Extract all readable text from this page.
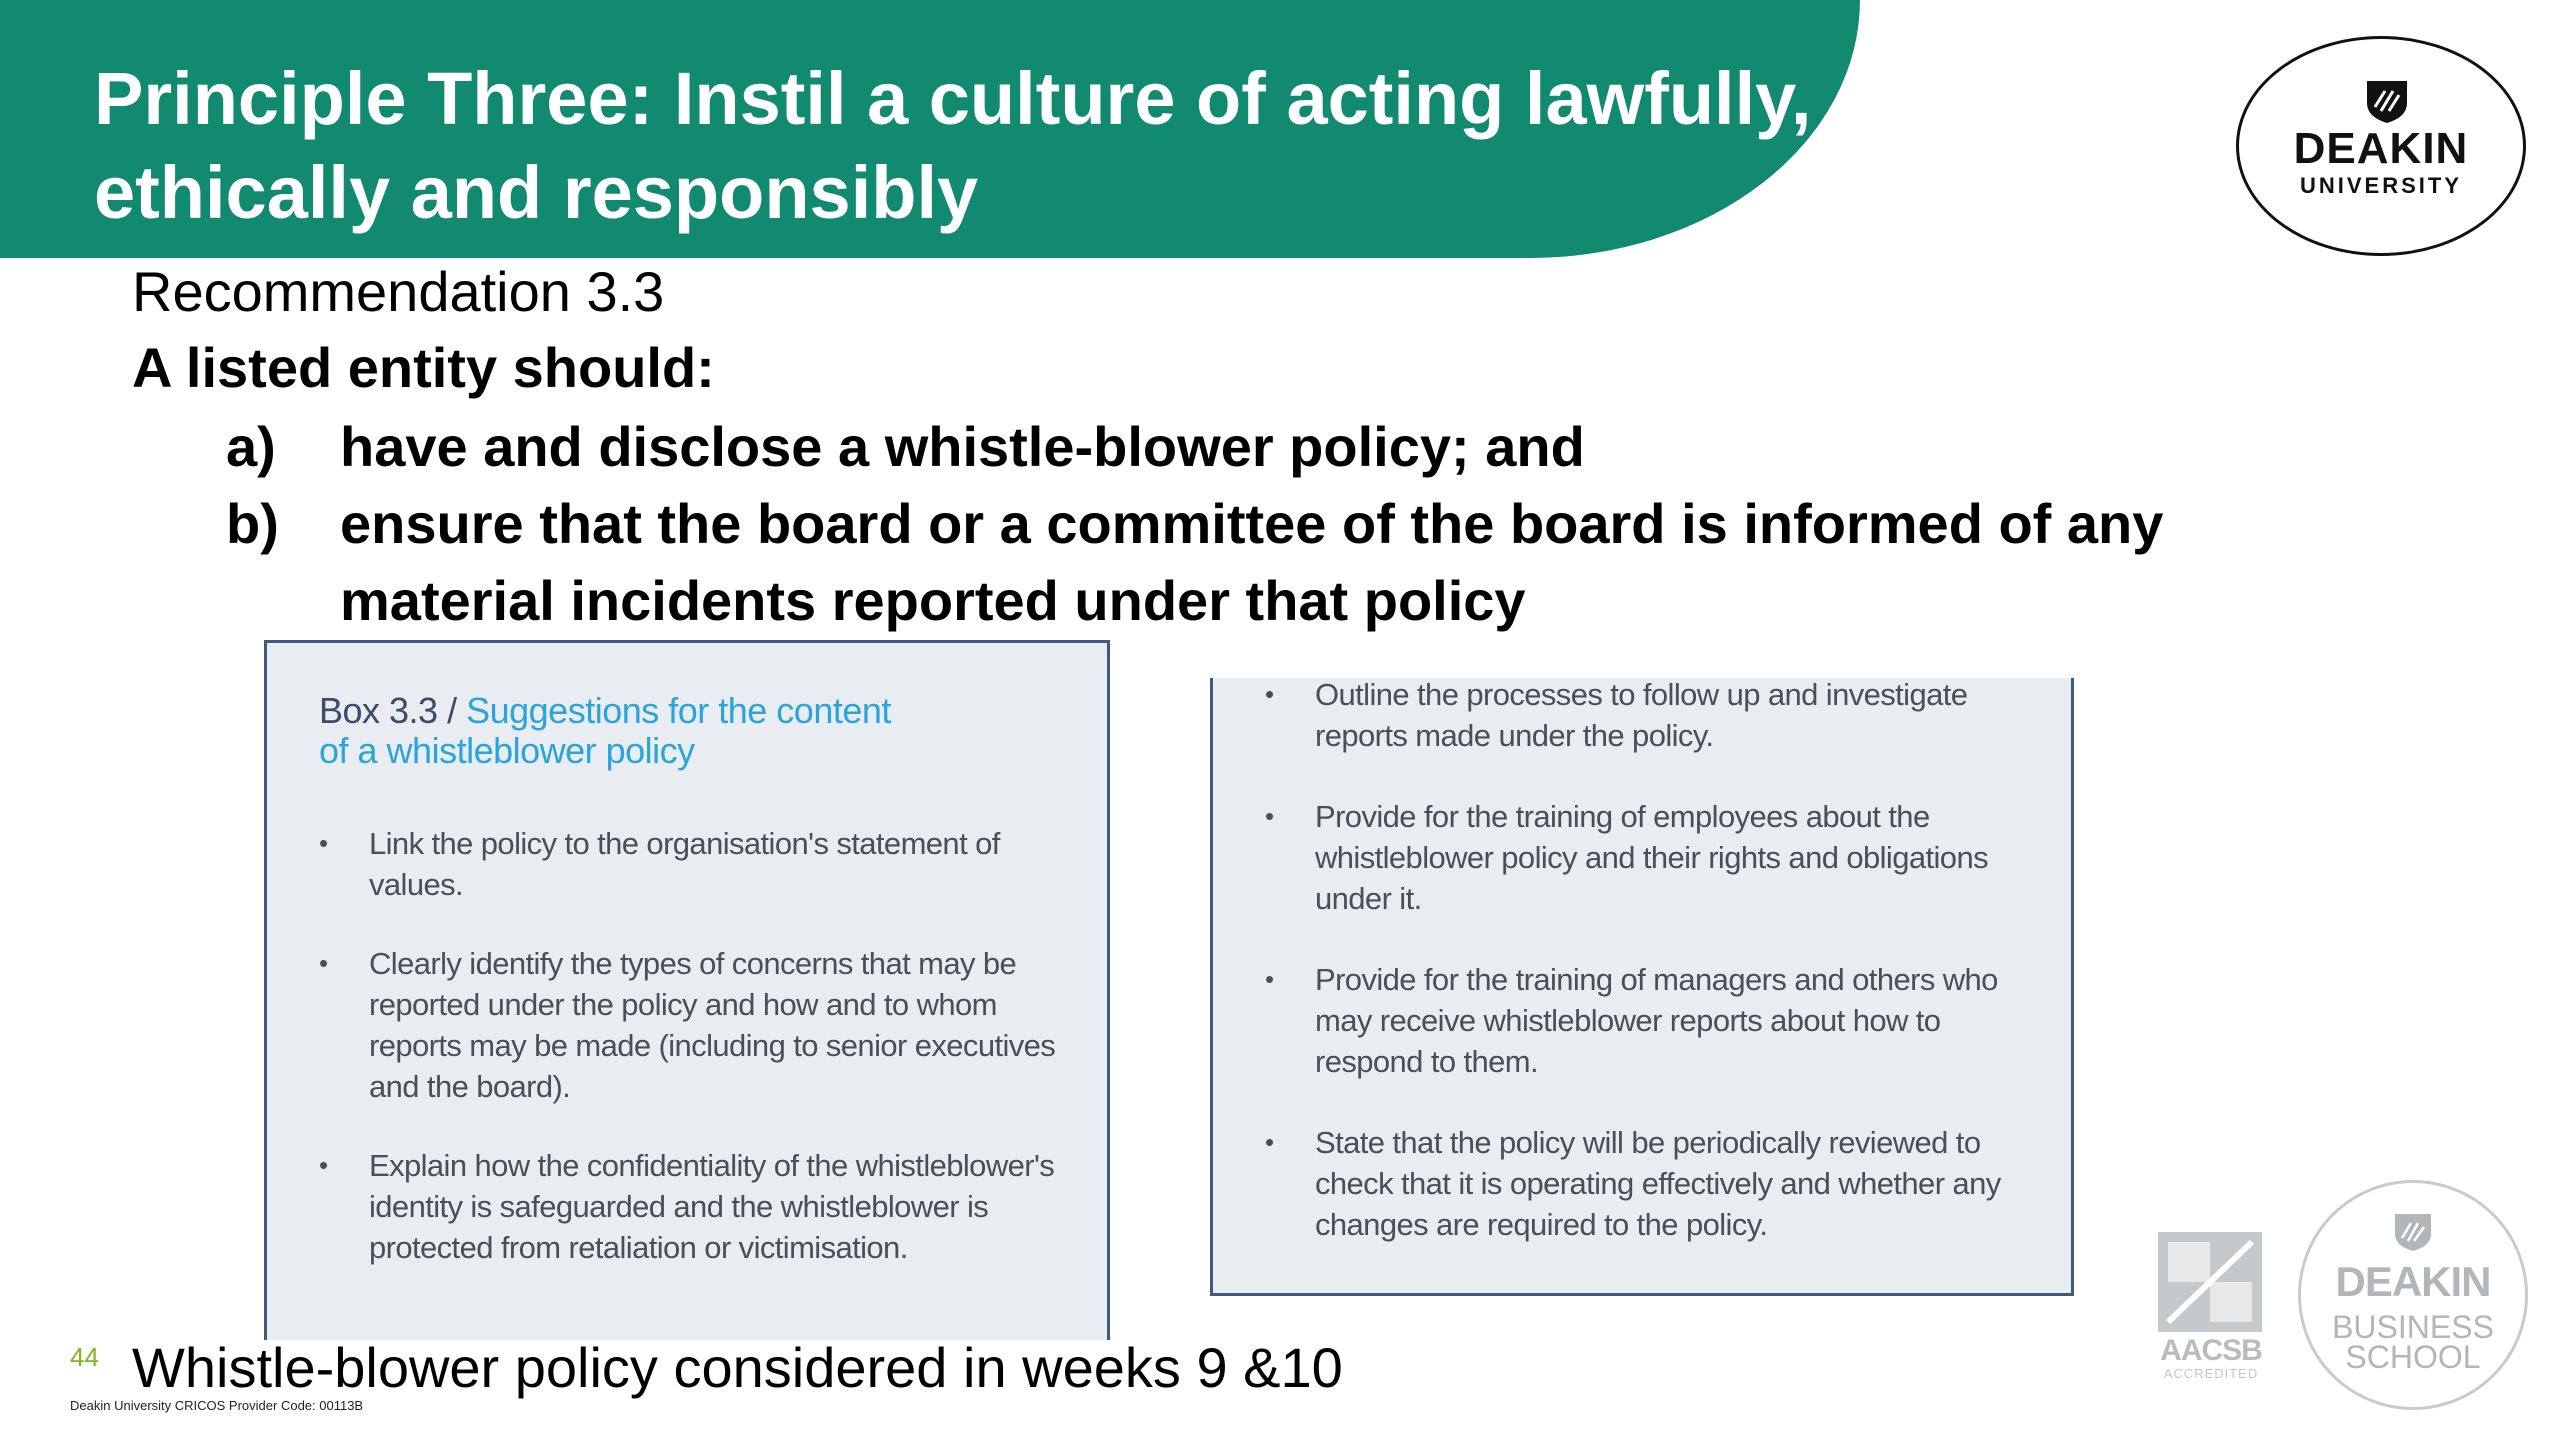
Principle Three: Instil a culture of acting lawfully,
ethically and responsibly
DEAKIN
UNIVERSITY
Recommendation 3.3
A listed entity should:
a)	have and disclose a whistle-blower policy; and
b)	ensure that the board or a committee of the board is informed of any material incidents reported under that policy
Box 3.3 / Suggestions for the content
of a whistleblower policy
•	Link the policy to the organisation's statement of values.
•	Clearly identify the types of concerns that may be reported under the policy and how and to whom reports may be made (including to senior executives and the board).
•	Explain how the confidentiality of the whistleblower's identity is safeguarded and the whistleblower is protected from retaliation or victimisation.
•	Outline the processes to follow up and investigate reports made under the policy.
•	Provide for the training of employees about the whistleblower policy and their rights and obligations under it.
•	Provide for the training of managers and others who may receive whistleblower reports about how to respond to them.
•	State that the policy will be periodically reviewed to check that it is operating effectively and whether any changes are required to the policy.
44 Whistle-blower policy considered in weeks 9 &10
Deakin University CRICOS Provider Code: 00113B
AACSB
ACCREDITED
DEAKIN
BUSINESS
SCHOOL
